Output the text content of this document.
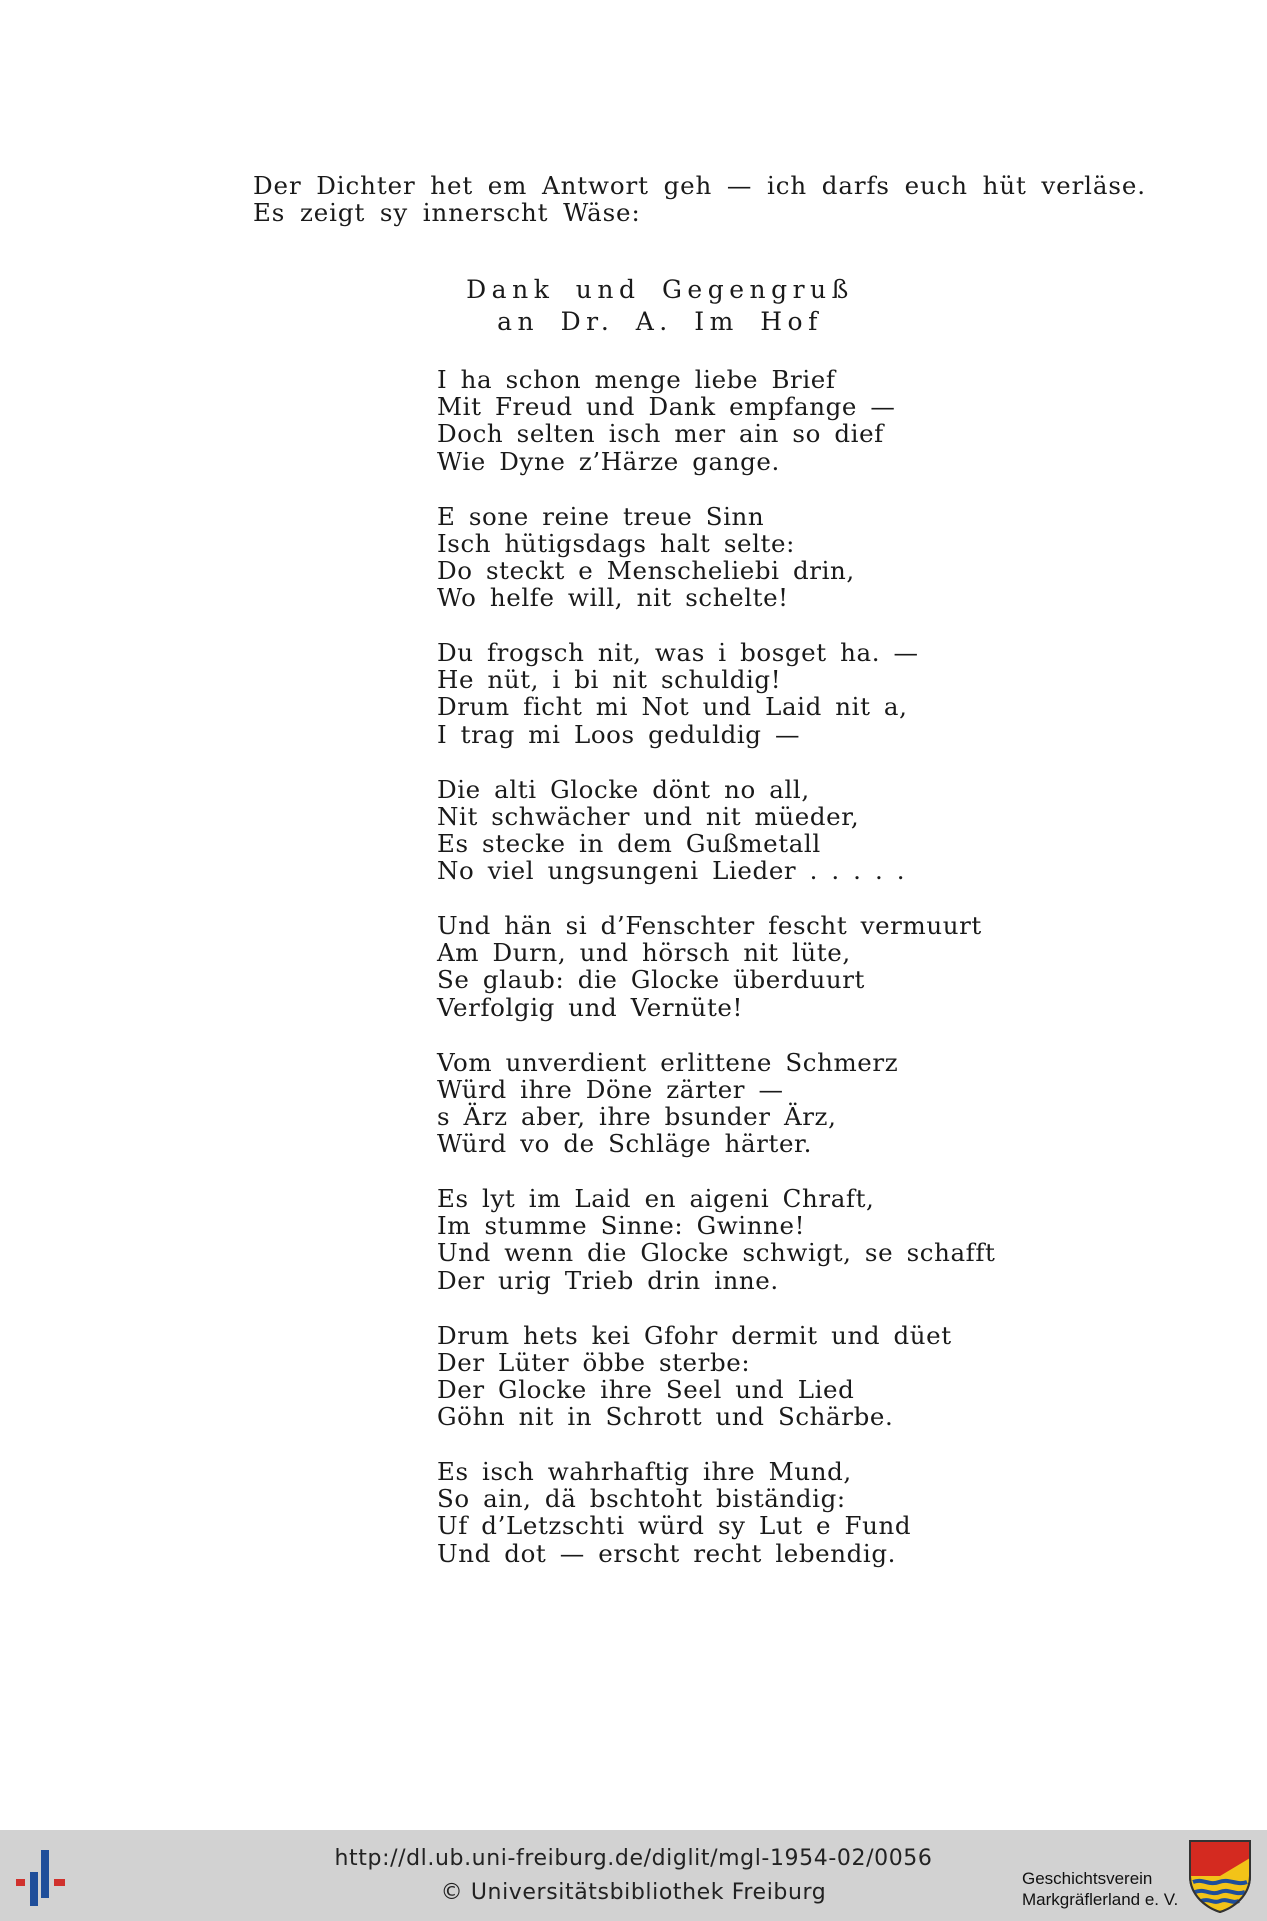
Der Dichter het em Antwort geh — ich darfs euch hüt verläse.
Es zeigt sy innerscht Wäse:
Dank und Gegengruß
an Dr. A. Im Hof
I ha schon menge liebe Brief
Mit Freud und Dank empfange —
Doch selten isch mer ain so dief
Wie Dyne z’Härze gange.
E sone reine treue Sinn
Isch hütigsdags halt selte:
Do steckt e Menscheliebi drin,
Wo helfe will, nit schelte!
Du frogsch nit, was i bosget ha. —
He nüt, i bi nit schuldig!
Drum ficht mi Not und Laid nit a,
I trag mi Loos geduldig —
Die alti Glocke dönt no all,
Nit schwächer und nit müeder,
Es stecke in dem Gußmetall
No viel ungsungeni Lieder . . . . .
Und hän si d’Fenschter fescht vermuurt
Am Durn, und hörsch nit lüte,
Se glaub: die Glocke überduurt
Verfolgig und Vernüte!
Vom unverdient erlittene Schmerz
Würd ihre Döne zärter —
s Ärz aber, ihre bsunder Ärz,
Würd vo de Schläge härter.
Es lyt im Laid en aigeni Chraft,
Im stumme Sinne: Gwinne!
Und wenn die Glocke schwigt, se schafft
Der urig Trieb drin inne.
Drum hets kei Gfohr dermit und düet
Der Lüter öbbe sterbe:
Der Glocke ihre Seel und Lied
Göhn nit in Schrott und Schärbe.
Es isch wahrhaftig ihre Mund,
So ain, dä bschtoht biständig:
Uf d’Letzschti würd sy Lut e Fund
Und dot — erscht recht lebendig.
http://dl.ub.uni-freiburg.de/diglit/mgl-1954-02/0056
© Universitätsbibliothek Freiburg
Geschichtsverein
Markgräflerland e. V.
